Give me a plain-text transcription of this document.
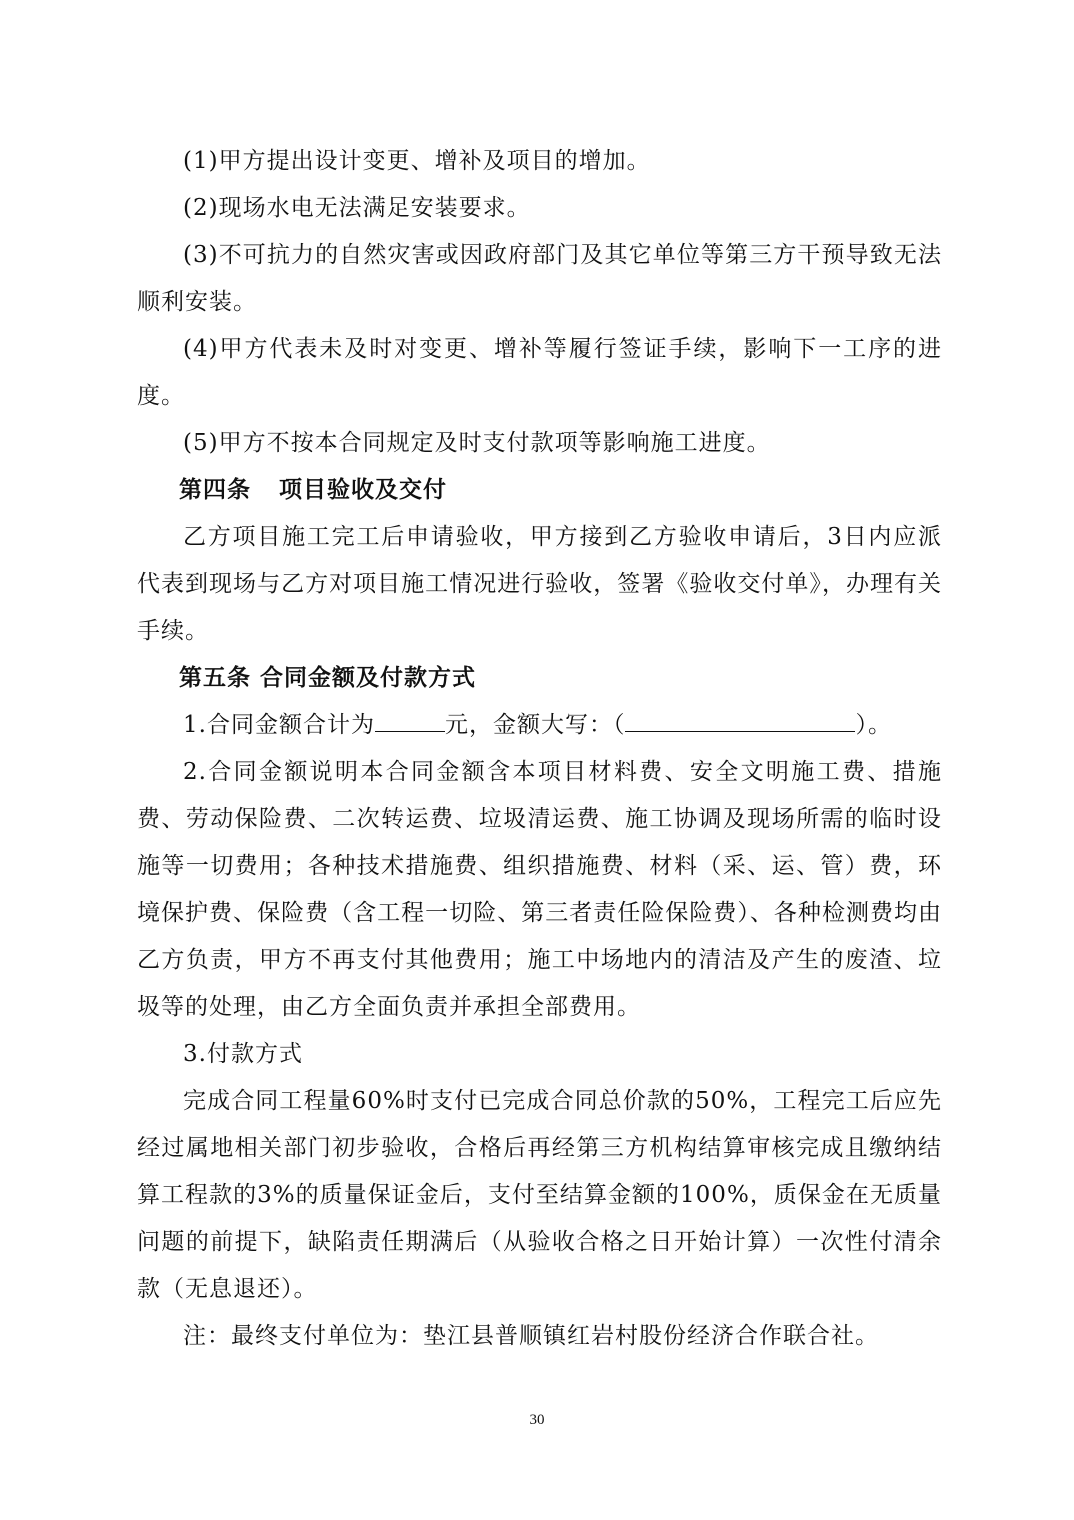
(1)甲方提出设计变更、增补及项目的增加。

(2)现场水电无法满足安装要求。

(3)不可抗力的自然灾害或因政府部门及其它单位等第三方干预导致无法顺利安装。

(4)甲方代表未及时对变更、增补等履行签证手续，影响下一工序的进度。

(5)甲方不按本合同规定及时支付款项等影响施工进度。

第四条 项目验收及交付

乙方项目施工完工后申请验收，甲方接到乙方验收申请后，3日内应派代表到现场与乙方对项目施工情况进行验收，签署《验收交付单》，办理有关手续。

第五条 合同金额及付款方式

1.合同金额合计为	元，金额大写：（	）。

2.合同金额说明本合同金额含本项目材料费、安全文明施工费、措施费、劳动保险费、二次转运费、垃圾清运费、施工协调及现场所需的临时设施等一切费用；各种技术措施费、组织措施费、材料（采、运、管）费，环境保护费、保险费（含工程一切险、第三者责任险保险费）、各种检测费均由乙方负责，甲方不再支付其他费用；施工中场地内的清洁及产生的废渣、垃圾等的处理，由乙方全面负责并承担全部费用。

3.付款方式

完成合同工程量60%时支付已完成合同总价款的50%，工程完工后应先经过属地相关部门初步验收，合格后再经第三方机构结算审核完成且缴纳结算工程款的3%的质量保证金后，支付至结算金额的100%，质保金在无质量问题的前提下，缺陷责任期满后（从验收合格之日开始计算）一次性付清余款（无息退还）。

注：最终支付单位为：垫江县普顺镇红岩村股份经济合作联合社。

30
